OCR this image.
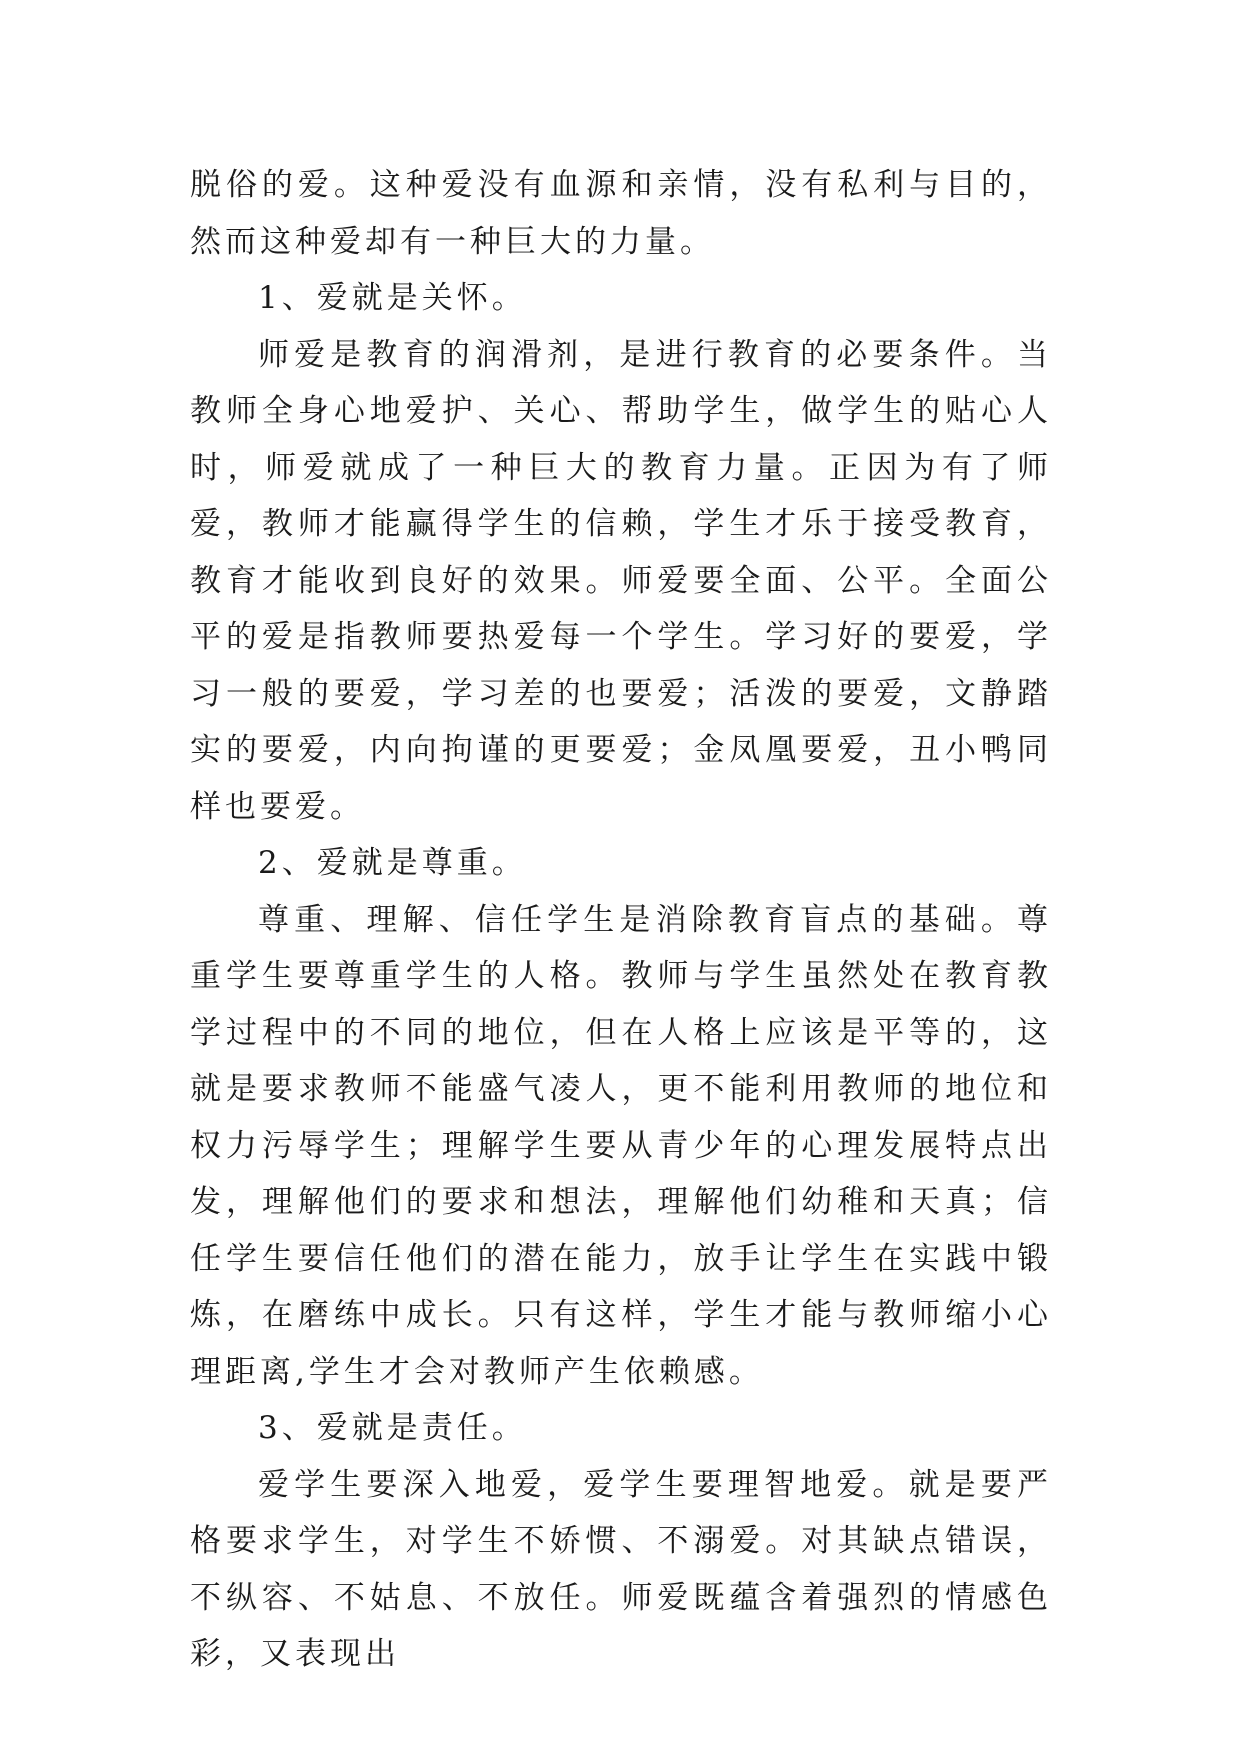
脱俗的爱。这种爱没有血源和亲情，没有私利与目的，然而这种爱却有一种巨大的力量。

1、爱就是关怀。

师爱是教育的润滑剂，是进行教育的必要条件。当教师全身心地爱护、关心、帮助学生，做学生的贴心人时，师爱就成了一种巨大的教育力量。正因为有了师爱，教师才能赢得学生的信赖，学生才乐于接受教育，教育才能收到良好的效果。师爱要全面、公平。全面公平的爱是指教师要热爱每一个学生。学习好的要爱，学习一般的要爱，学习差的也要爱；活泼的要爱，文静踏实的要爱，内向拘谨的更要爱；金凤凰要爱，丑小鸭同样也要爱。

2、爱就是尊重。

尊重、理解、信任学生是消除教育盲点的基础。尊重学生要尊重学生的人格。教师与学生虽然处在教育教学过程中的不同的地位，但在人格上应该是平等的，这就是要求教师不能盛气凌人，更不能利用教师的地位和权力污辱学生；理解学生要从青少年的心理发展特点出发，理解他们的要求和想法，理解他们幼稚和天真；信任学生要信任他们的潜在能力，放手让学生在实践中锻炼，在磨练中成长。只有这样，学生才能与教师缩小心理距离,学生才会对教师产生依赖感。

3、爱就是责任。

爱学生要深入地爱，爱学生要理智地爱。就是要严格要求学生，对学生不娇惯、不溺爱。对其缺点错误，不纵容、不姑息、不放任。师爱既蕴含着强烈的情感色彩，又表现出
